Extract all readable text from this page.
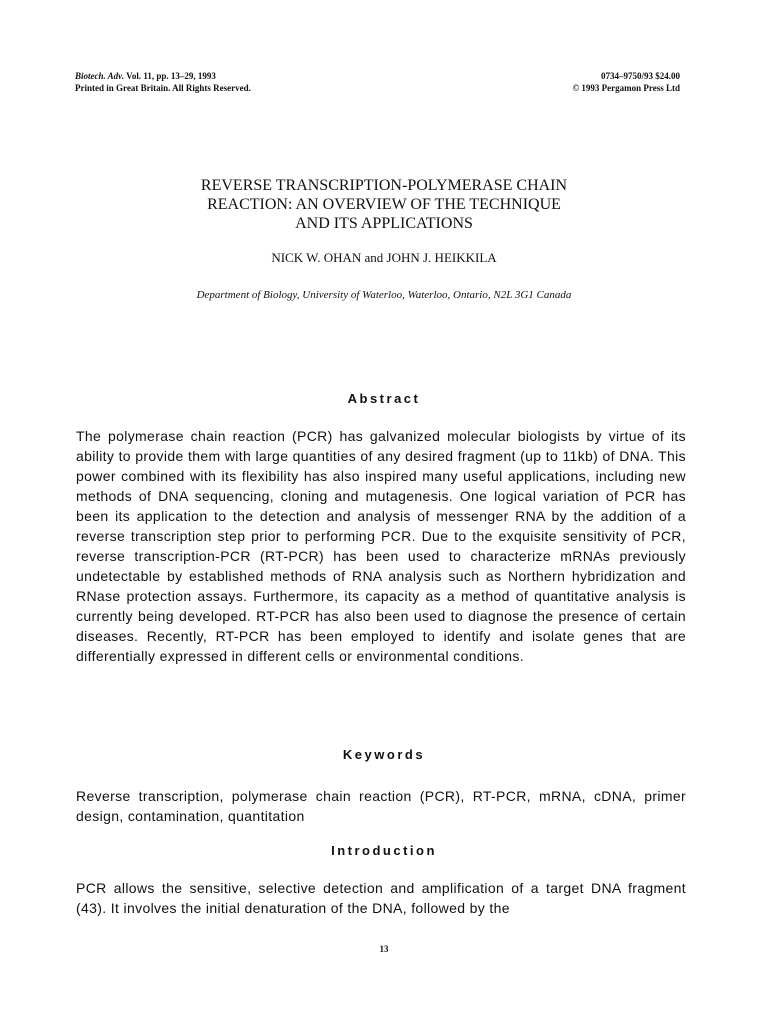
Biotech. Adv. Vol. 11, pp. 13–29, 1993
Printed in Great Britain. All Rights Reserved.
0734–9750/93 $24.00
© 1993 Pergamon Press Ltd
REVERSE TRANSCRIPTION-POLYMERASE CHAIN
REACTION: AN OVERVIEW OF THE TECHNIQUE
AND ITS APPLICATIONS
NICK W. OHAN and JOHN J. HEIKKILA
Department of Biology, University of Waterloo, Waterloo, Ontario, N2L 3G1 Canada
Abstract

The polymerase chain reaction (PCR) has galvanized molecular biologists by virtue of its ability to provide them with large quantities of any desired fragment (up to 11kb) of DNA. This power combined with its flexibility has also inspired many useful applications, including new methods of DNA sequencing, cloning and mutagenesis. One logical variation of PCR has been its application to the detection and analysis of messenger RNA by the addition of a reverse transcription step prior to performing PCR. Due to the exquisite sensitivity of PCR, reverse transcription-PCR (RT-PCR) has been used to characterize mRNAs previously undetectable by established methods of RNA analysis such as Northern hybridization and RNase protection assays. Furthermore, its capacity as a method of quantitative analysis is currently being developed. RT-PCR has also been used to diagnose the presence of certain diseases. Recently, RT-PCR has been employed to identify and isolate genes that are differentially expressed in different cells or environmental conditions.

Keywords

Reverse transcription, polymerase chain reaction (PCR), RT-PCR, mRNA, cDNA, primer design, contamination, quantitation

Introduction

PCR allows the sensitive, selective detection and amplification of a target DNA fragment (43). It involves the initial denaturation of the DNA, followed by the

13
